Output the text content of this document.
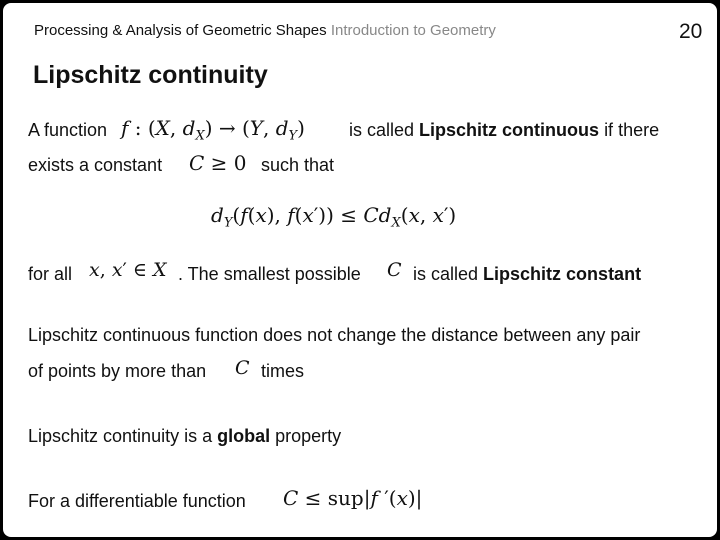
Processing & Analysis of Geometric Shapes Introduction to Geometry	20
Lipschitz continuity
A function f : (X, $d_X) \to (Y$, $d_Y$) is called Lipschitz continuous if there
exists a constant C ≥ 0 such that
$d_Y(f(x)$, $f(x')) \le Cd_X(x$, x′)
for all x, x′ ∈ X . The smallest possible C is called Lipschitz constant
Lipschitz continuous function does not change the distance between any pair
of points by more than C times
Lipschitz continuity is a global property
For a differentiable function C ≤ sup|f ′(x)|
